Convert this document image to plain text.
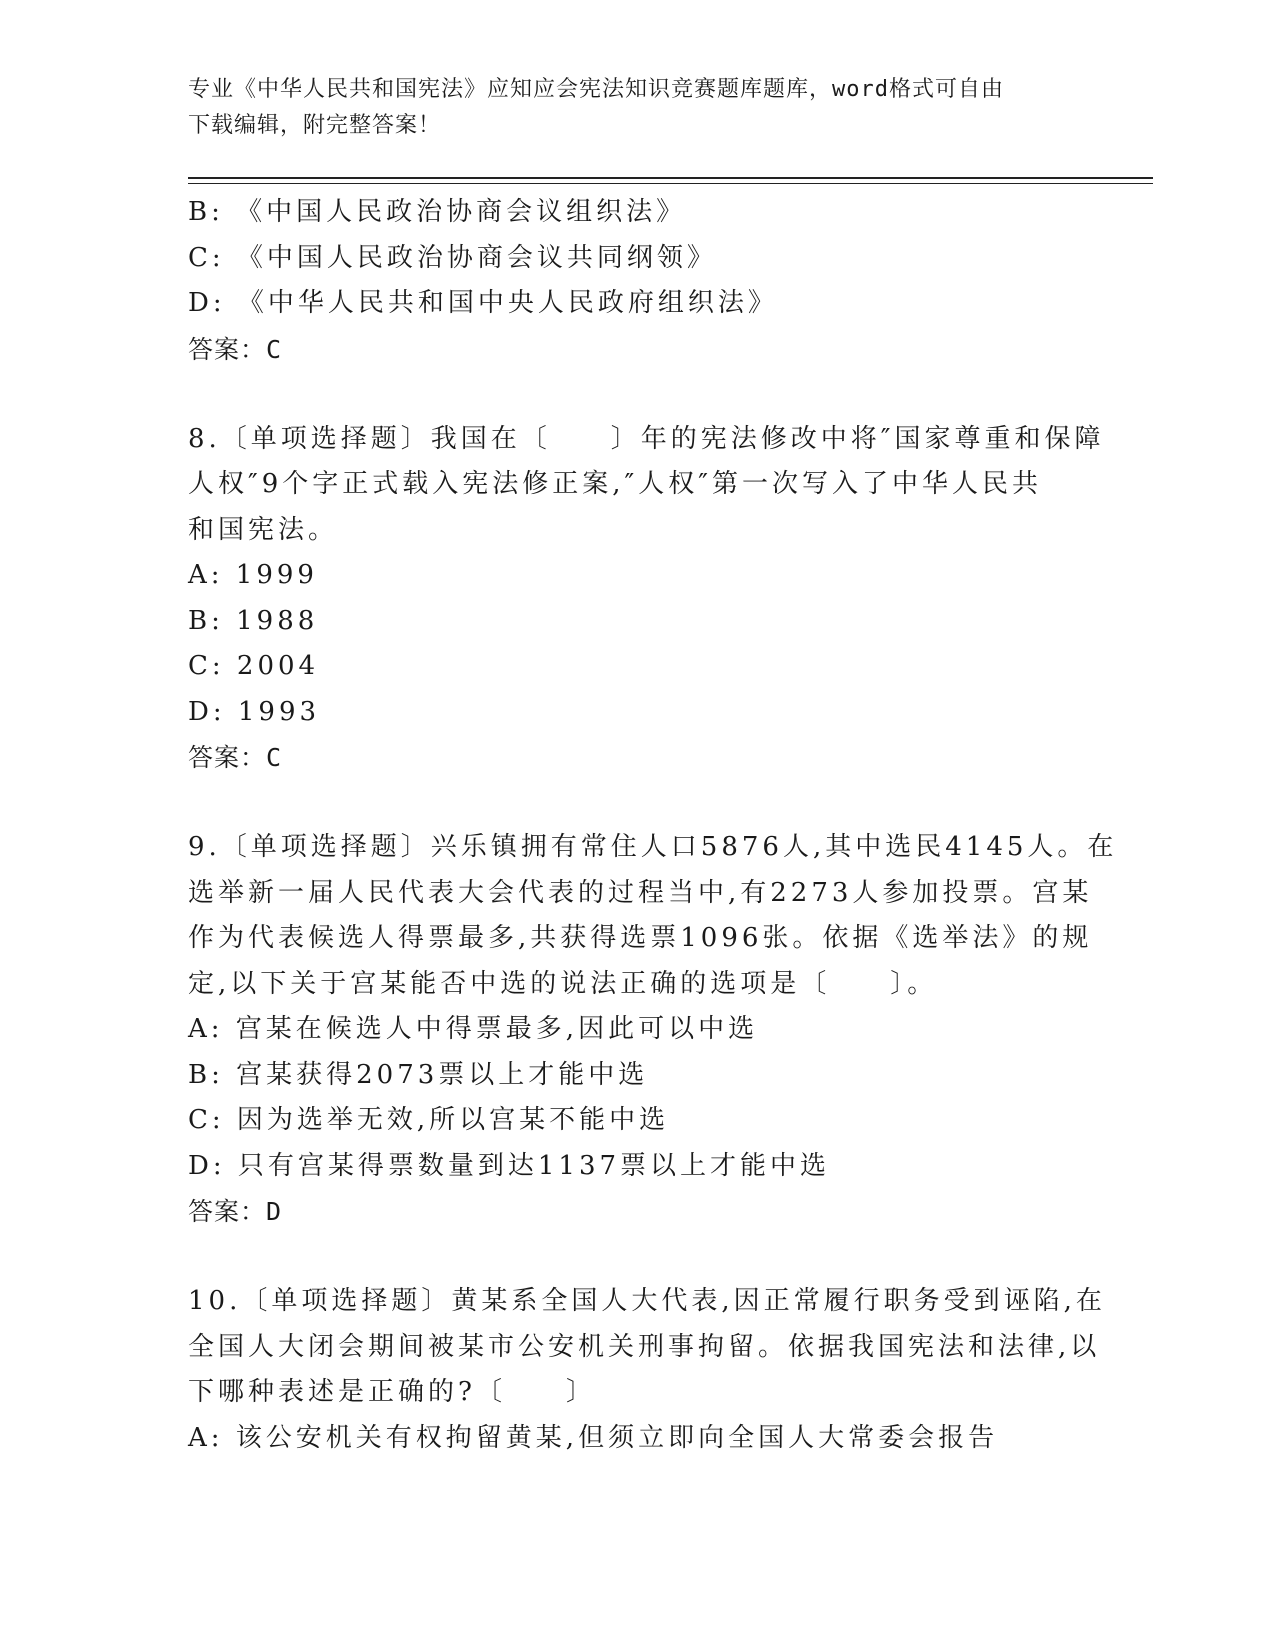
专业《中华人民共和国宪法》应知应会宪法知识竞赛题库题库，word格式可自由
下载编辑，附完整答案！
B: 《中国人民政治协商会议组织法》
C: 《中国人民政治协商会议共同纲领》
D: 《中华人民共和国中央人民政府组织法》
答案：C
8.〔单项选择题〕我国在〔　　〕年的宪法修改中将″国家尊重和保障
人权″9个字正式载入宪法修正案,″人权″第一次写入了中华人民共
和国宪法。
A: 1999
B: 1988
C: 2004
D: 1993
答案：C
9.〔单项选择题〕兴乐镇拥有常住人口5876人,其中选民4145人。在
选举新一届人民代表大会代表的过程当中,有2273人参加投票。宫某
作为代表候选人得票最多,共获得选票1096张。依据《选举法》的规
定,以下关于宫某能否中选的说法正确的选项是〔　　〕。
A: 宫某在候选人中得票最多,因此可以中选
B: 宫某获得2073票以上才能中选
C: 因为选举无效,所以宫某不能中选
D: 只有宫某得票数量到达1137票以上才能中选
答案：D
10.〔单项选择题〕黄某系全国人大代表,因正常履行职务受到诬陷,在
全国人大闭会期间被某市公安机关刑事拘留。依据我国宪法和法律,以
下哪种表述是正确的?〔　　〕
A: 该公安机关有权拘留黄某,但须立即向全国人大常委会报告
